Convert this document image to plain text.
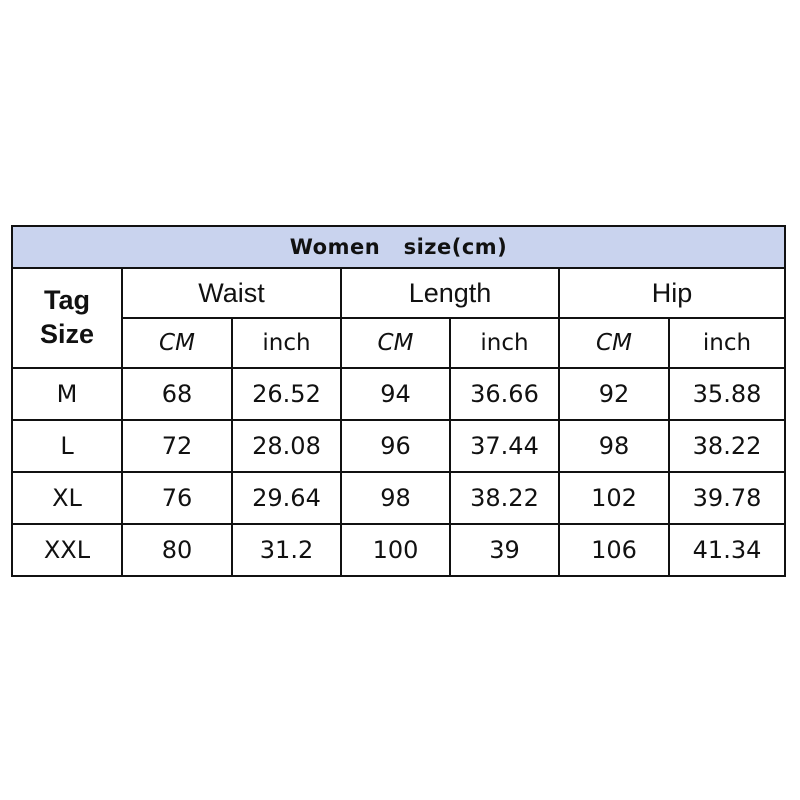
Women   size(cm)						

Tag
Size	Waist		Length		Hip	
	CM	inch	CM	inch	CM	inch
M	68	26.52	94	36.66	92	35.88
L	72	28.08	96	37.44	98	38.22
XL	76	29.64	98	38.22	102	39.78
XXL	80	31.2	100	39	106	41.34
